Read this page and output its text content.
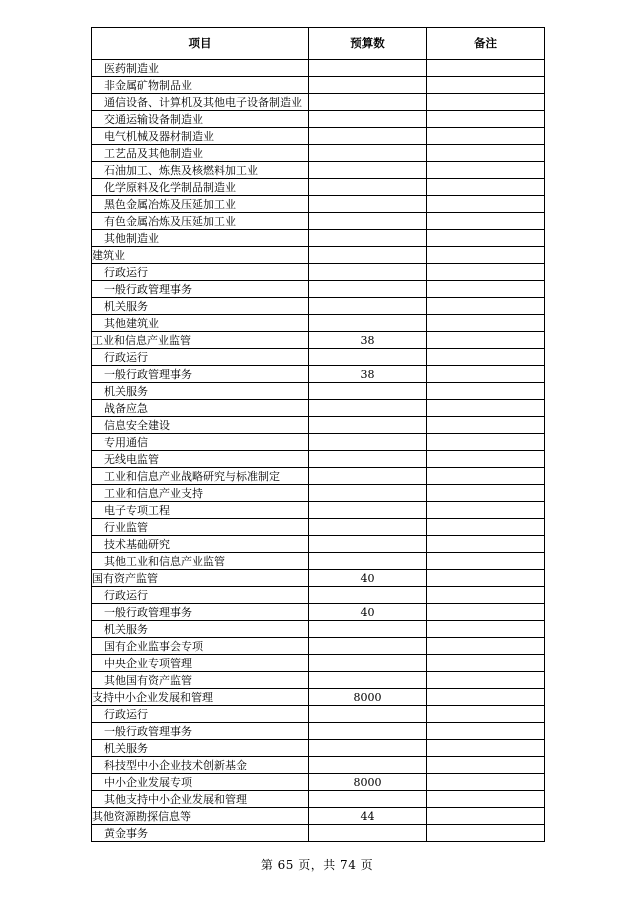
项目	预算数	备注
医药制造业		
非金属矿物制品业		
通信设备、计算机及其他电子设备制造业		
交通运输设备制造业		
电气机械及器材制造业		
工艺品及其他制造业		
石油加工、炼焦及核燃料加工业		
化学原料及化学制品制造业		
黑色金属冶炼及压延加工业		
有色金属冶炼及压延加工业		
其他制造业		
建筑业		
行政运行		
一般行政管理事务		
机关服务		
其他建筑业		
工业和信息产业监管	38	
行政运行		
一般行政管理事务	38	
机关服务		
战备应急		
信息安全建设		
专用通信		
无线电监管		
工业和信息产业战略研究与标准制定		
工业和信息产业支持		
电子专项工程		
行业监管		
技术基础研究		
其他工业和信息产业监管		
国有资产监管	40	
行政运行		
一般行政管理事务	40	
机关服务		
国有企业监事会专项		
中央企业专项管理		
其他国有资产监管		
支持中小企业发展和管理	8000	
行政运行		
一般行政管理事务		
机关服务		
科技型中小企业技术创新基金		
中小企业发展专项	8000	
其他支持中小企业发展和管理		
其他资源勘探信息等	44	
黄金事务		
第 65 页，共 74 页
